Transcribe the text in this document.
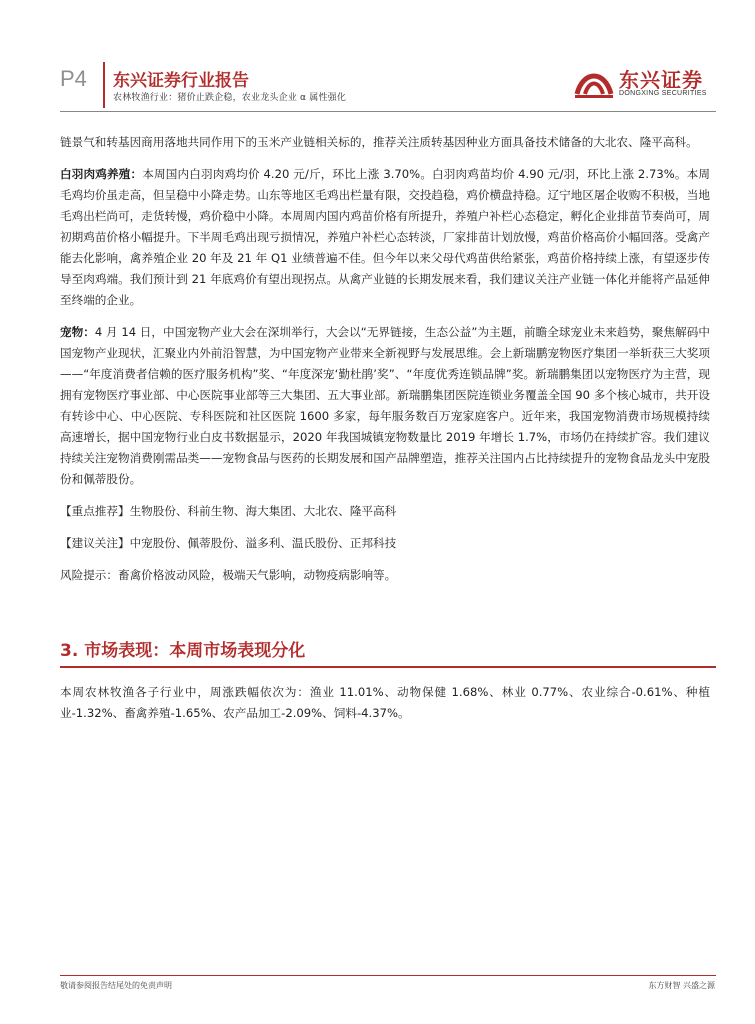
P4 东兴证券行业报告
农林牧渔行业：猪价止跌企稳，农业龙头企业 α 属性强化
东兴证券
DONGXING SECURITIES

链景气和转基因商用落地共同作用下的玉米产业链相关标的，推荐关注质转基因种业方面具备技术储备的大北农、隆平高科。

白羽肉鸡养殖：本周国内白羽肉鸡均价 4.20 元/斤，环比上涨 3.70%。白羽肉鸡苗均价 4.90 元/羽，环比上涨 2.73%。本周毛鸡均价虽走高，但呈稳中小降走势。山东等地区毛鸡出栏量有限，交投趋稳，鸡价横盘持稳。辽宁地区屠企收购不积极，当地毛鸡出栏尚可，走货转慢，鸡价稳中小降。本周周内国内鸡苗价格有所提升，养殖户补栏心态稳定，孵化企业排苗节奏尚可，周初期鸡苗价格小幅提升。下半周毛鸡出现亏损情况，养殖户补栏心态转淡，厂家排苗计划放慢，鸡苗价格高价小幅回落。受禽产能去化影响，禽养殖企业 20 年及 21 年 Q1 业绩普遍不佳。但今年以来父母代鸡苗供给紧张，鸡苗价格持续上涨，有望逐步传导至肉鸡端。我们预计到 21 年底鸡价有望出现拐点。从禽产业链的长期发展来看，我们建议关注产业链一体化并能将产品延伸至终端的企业。

宠物：4 月 14 日，中国宠物产业大会在深圳举行，大会以“无界链接，生态公益”为主题，前瞻全球宠业未来趋势，聚焦解码中国宠物产业现状，汇聚业内外前沿智慧，为中国宠物产业带来全新视野与发展思维。会上新瑞鹏宠物医疗集团一举斩获三大奖项——“年度消费者信赖的医疗服务机构”奖、“年度深宠‘勤杜鹃’奖”、“年度优秀连锁品牌”奖。新瑞鹏集团以宠物医疗为主营，现拥有宠物医疗事业部、中心医院事业部等三大集团、五大事业部。新瑞鹏集团医院连锁业务覆盖全国 90 多个核心城市，共开设有转诊中心、中心医院、专科医院和社区医院 1600 多家，每年服务数百万宠家庭客户。近年来，我国宠物消费市场规模持续高速增长，据中国宠物行业白皮书数据显示，2020 年我国城镇宠物数量比 2019 年增长 1.7%，市场仍在持续扩容。我们建议持续关注宠物消费刚需品类——宠物食品与医药的长期发展和国产品牌塑造，推荐关注国内占比持续提升的宠物食品龙头中宠股份和佩蒂股份。

【重点推荐】生物股份、科前生物、海大集团、大北农、隆平高科

【建议关注】中宠股份、佩蒂股份、溢多利、温氏股份、正邦科技

风险提示：畜禽价格波动风险，极端天气影响，动物疫病影响等。

3. 市场表现：本周市场表现分化

本周农林牧渔各子行业中，周涨跌幅依次为：渔业 11.01%、动物保健 1.68%、林业 0.77%、农业综合-0.61%、种植业-1.32%、畜禽养殖-1.65%、农产品加工-2.09%、饲料-4.37%。

敬请参阅报告结尾处的免责声明	东方财智 兴盛之源
